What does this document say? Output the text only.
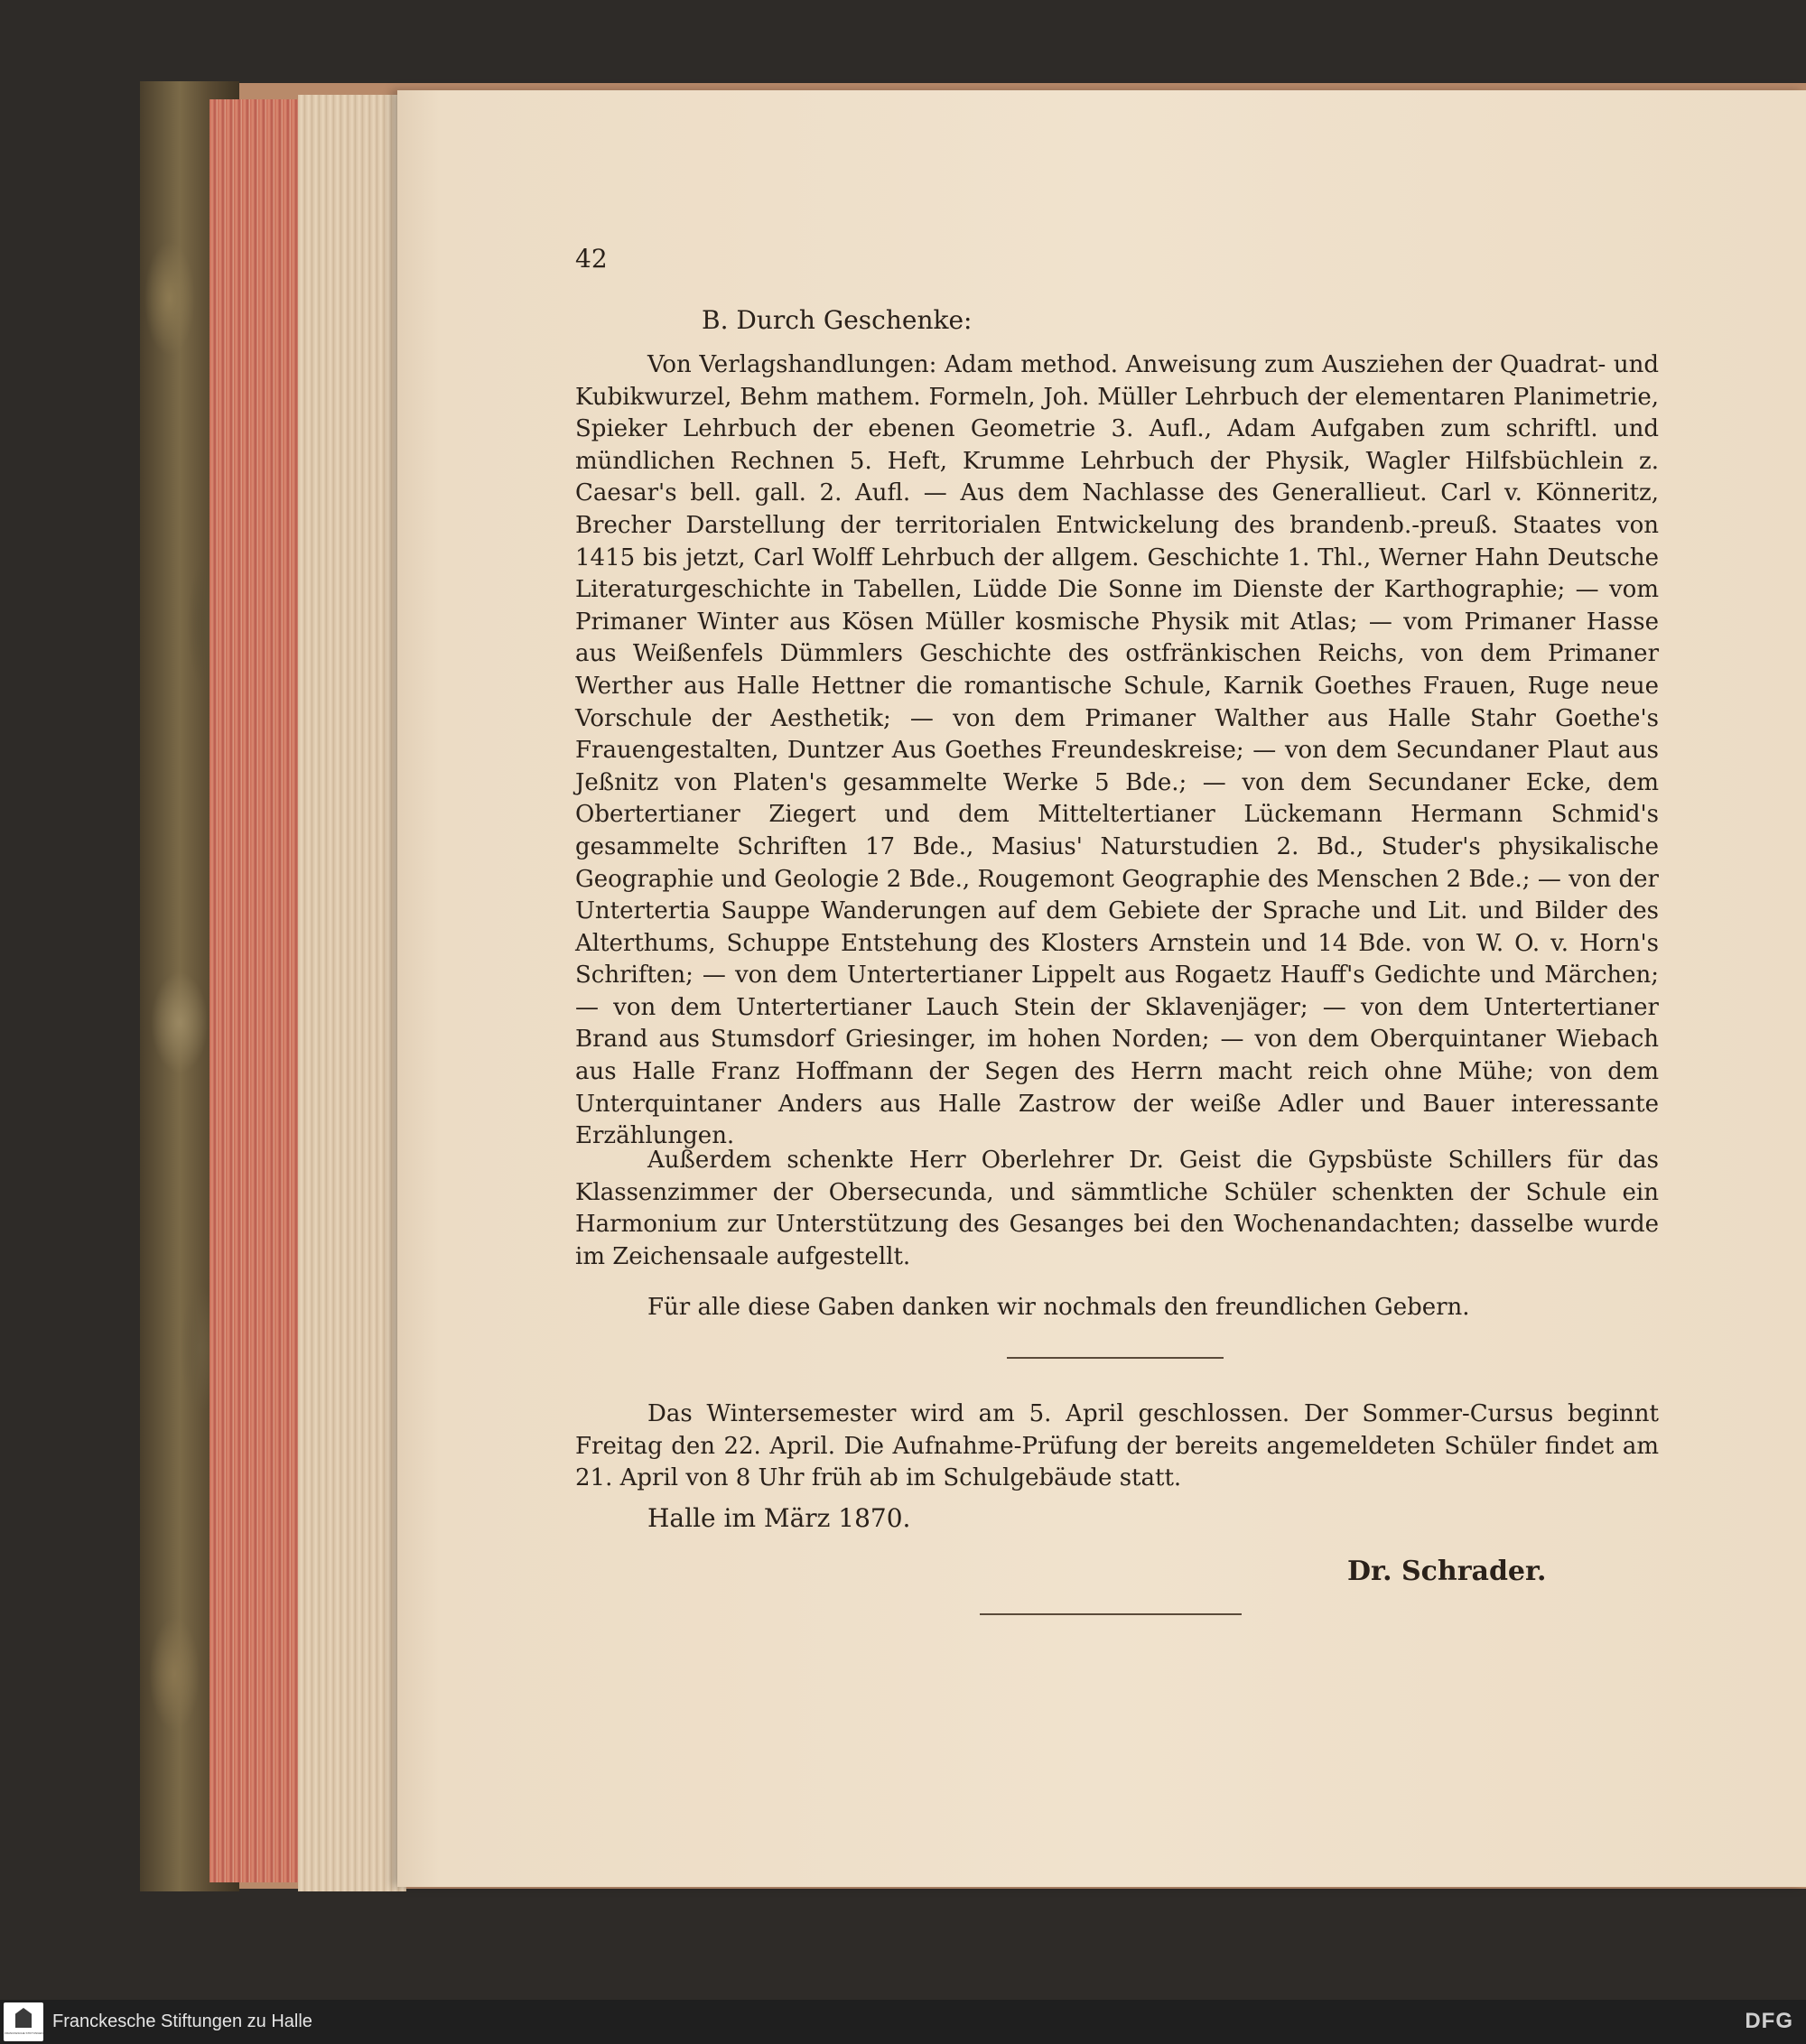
42
B. Durch Geschenke:

Von Verlagshandlungen: Adam method. Anweisung zum Ausziehen der Quadrat- und Kubikwurzel, Behm mathem. Formeln, Joh. Müller Lehrbuch der elementaren Planimetrie, Spieker Lehrbuch der ebenen Geometrie 3. Aufl., Adam Aufgaben zum schriftl. und mündlichen Rechnen 5. Heft, Krumme Lehrbuch der Physik, Wagler Hilfsbüchlein z. Caesar's bell. gall. 2. Aufl. — Aus dem Nachlasse des Generallieut. Carl v. Könneritz, Brecher Darstellung der territorialen Entwickelung des brandenb.-preuß. Staates von 1415 bis jetzt, Carl Wolff Lehrbuch der allgem. Geschichte 1. Thl., Werner Hahn Deutsche Literaturgeschichte in Tabellen, Lüdde Die Sonne im Dienste der Karthographie; — vom Primaner Winter aus Kösen Müller kosmische Physik mit Atlas; — vom Primaner Hasse aus Weißenfels Dümmlers Geschichte des ostfränkischen Reichs, von dem Primaner Werther aus Halle Hettner die romantische Schule, Karnik Goethes Frauen, Ruge neue Vorschule der Aesthetik; — von dem Primaner Walther aus Halle Stahr Goethe's Frauengestalten, Duntzer Aus Goethes Freundeskreise; — von dem Secundaner Plaut aus Jeßnitz von Platen's gesammelte Werke 5 Bde.; — von dem Secundaner Ecke, dem Obertertianer Ziegert und dem Mitteltertianer Lückemann Hermann Schmid's gesammelte Schriften 17 Bde., Masius' Naturstudien 2. Bd., Studer's physikalische Geographie und Geologie 2 Bde., Rougemont Geographie des Menschen 2 Bde.; — von der Untertertia Sauppe Wanderungen auf dem Gebiete der Sprache und Lit. und Bilder des Alterthums, Schuppe Entstehung des Klosters Arnstein und 14 Bde. von W. O. v. Horn's Schriften; — von dem Untertertianer Lippelt aus Rogaetz Hauff's Gedichte und Märchen; — von dem Untertertianer Lauch Stein der Sklavenjäger; — von dem Untertertianer Brand aus Stumsdorf Griesinger, im hohen Norden; — von dem Oberquintaner Wiebach aus Halle Franz Hoffmann der Segen des Herrn macht reich ohne Mühe; von dem Unterquintaner Anders aus Halle Zastrow der weiße Adler und Bauer interessante Erzählungen.

Außerdem schenkte Herr Oberlehrer Dr. Geist die Gypsbüste Schillers für das Klassenzimmer der Obersecunda, und sämmtliche Schüler schenkten der Schule ein Harmonium zur Unterstützung des Gesanges bei den Wochenandachten; dasselbe wurde im Zeichensaale aufgestellt.

Für alle diese Gaben danken wir nochmals den freundlichen Gebern.

Das Wintersemester wird am 5. April geschlossen. Der Sommer-Cursus beginnt Freitag den 22. April. Die Aufnahme-Prüfung der bereits angemeldeten Schüler findet am 21. April von 8 Uhr früh ab im Schulgebäude statt.

Halle im März 1870.
Dr. Schrader.
FRANCKESCHE STIFTUNGEN
Franckesche Stiftungen zu Halle	DFG
